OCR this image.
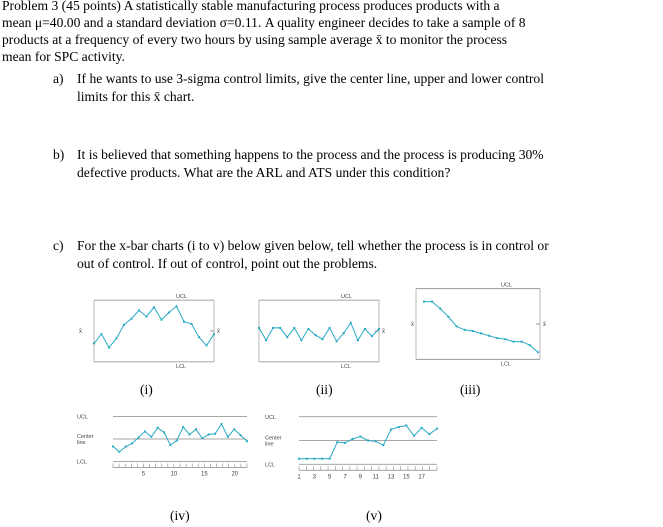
Problem 3 (45 points) A statistically stable manufacturing process produces products with a
mean μ=40.00 and a standard deviation σ=0.11. A quality engineer decides to take a sample of 8
products at a frequency of every two hours by using sample average x̄ to monitor the process
mean for SPC activity.
a) If he wants to use 3-sigma control limits, give the center line, upper and lower control
limits for this x̄ chart.
b) It is believed that something happens to the process and the process is producing 30%
defective products. What are the ARL and ATS under this condition?
c) For the x-bar charts (i to v) below given below, tell whether the process is in control or
out of control. If out of control, point out the problems.
UCL
LCL
x̄
x̄
UCL
LCL
x̄
UCL
LCL
x̄
x̄
UCL
Center
line
LCL
5	10	15	20
UCL
Center
line
LCL
1 3 5 7 9 11 13 15 17
(i)	(ii)	(iii)
(iv)	(v)
